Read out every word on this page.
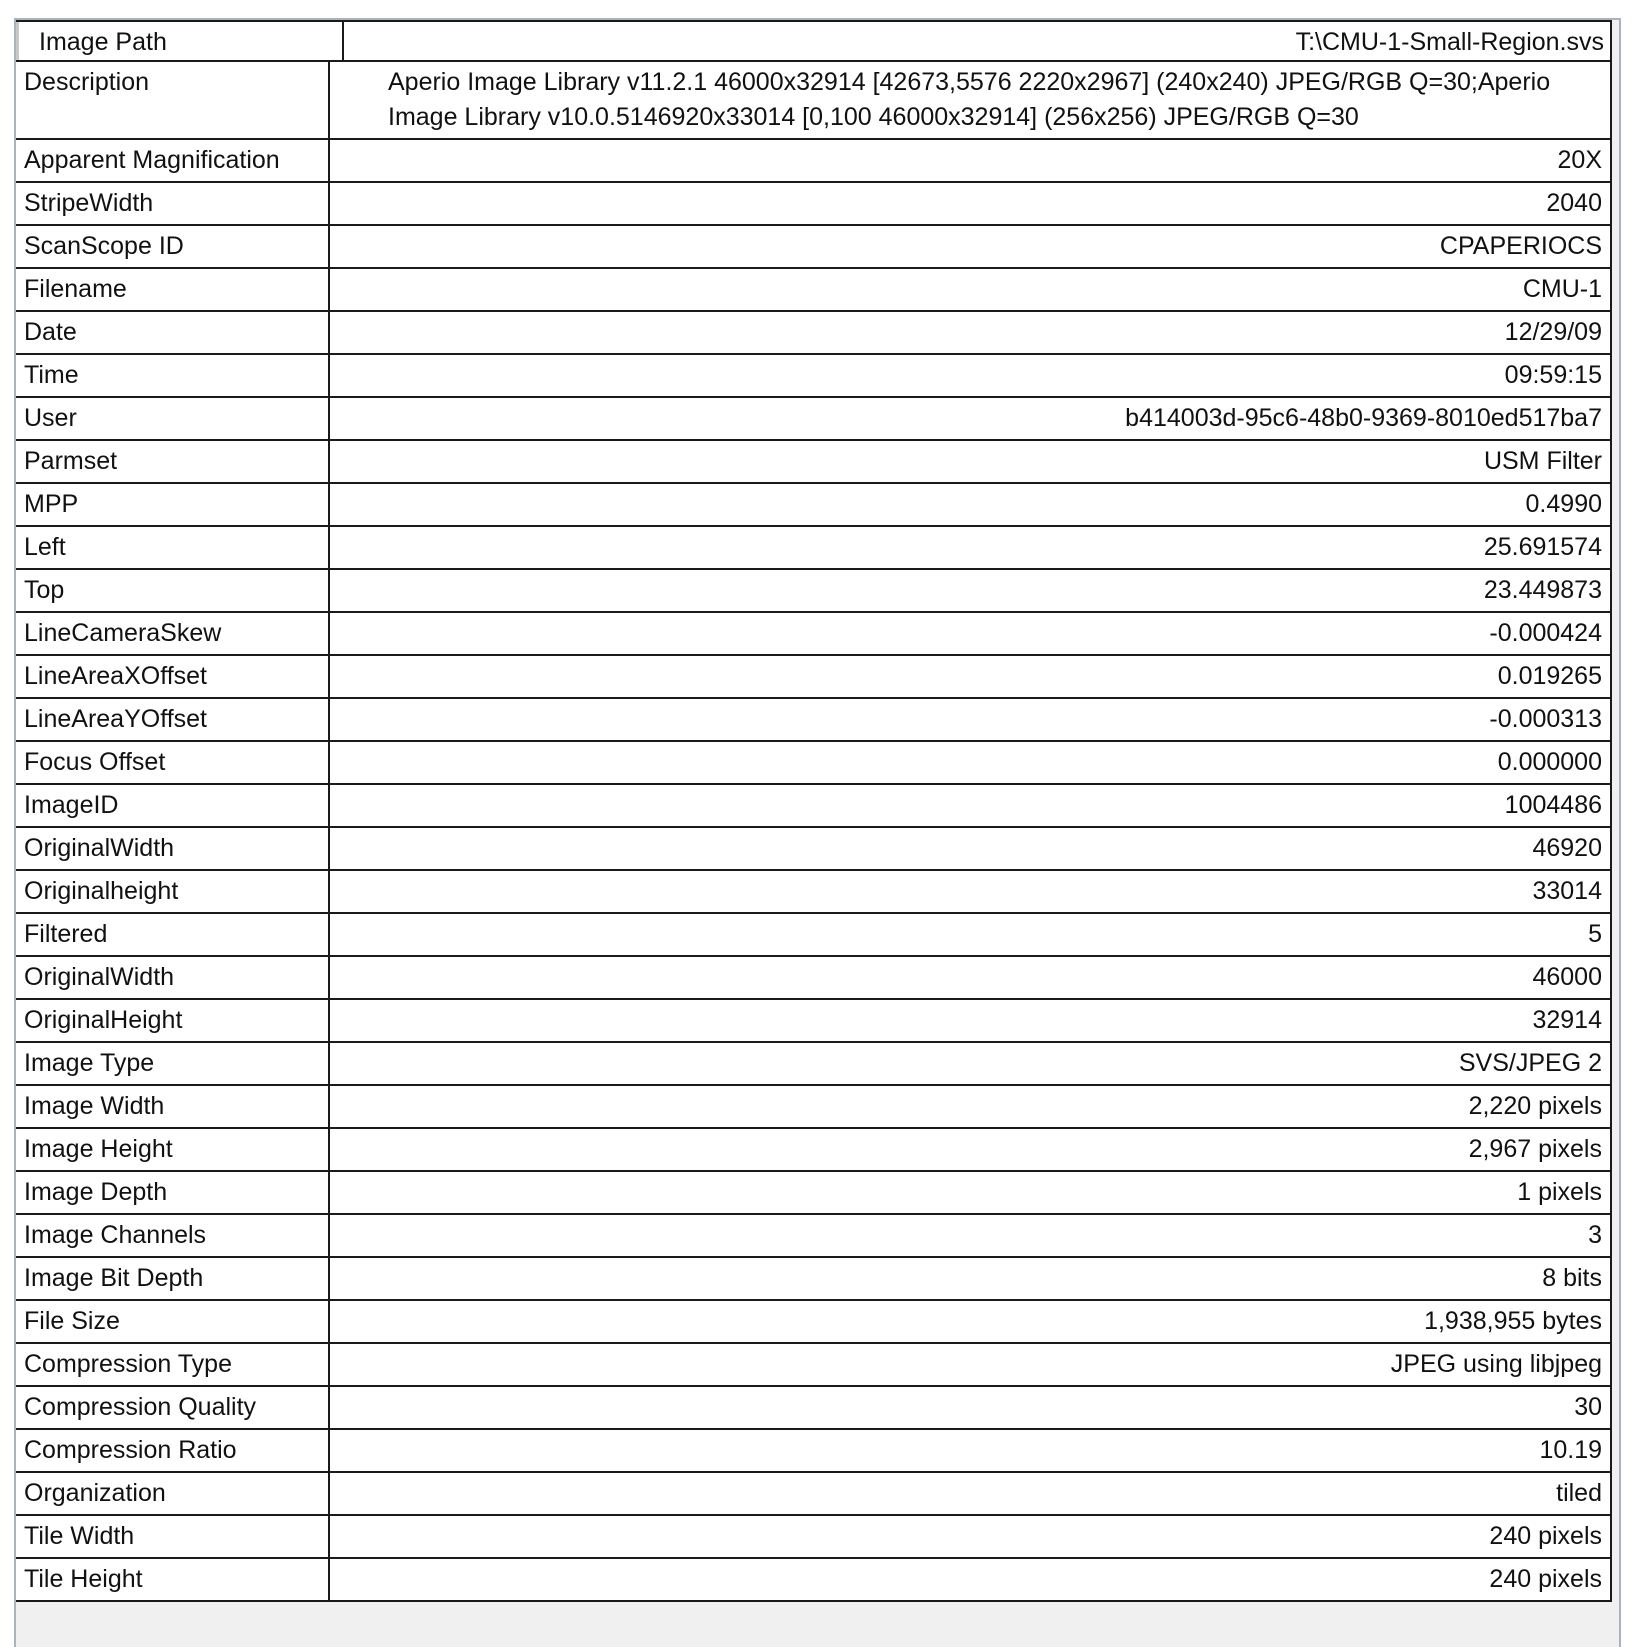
Image Path	T:\CMU-1-Small-Region.svs
Description	Aperio Image Library v11.2.1 46000x32914 [42673,5576 2220x2967] (240x240) JPEG/RGB Q=30;Aperio Image Library v10.0.5146920x33014 [0,100 46000x32914] (256x256) JPEG/RGB Q=30
Apparent Magnification	20X
StripeWidth	2040
ScanScope ID	CPAPERIOCS
Filename	CMU-1
Date	12/29/09
Time	09:59:15
User	b414003d-95c6-48b0-9369-8010ed517ba7
Parmset	USM Filter
MPP	0.4990
Left	25.691574
Top	23.449873
LineCameraSkew	-0.000424
LineAreaXOffset	0.019265
LineAreaYOffset	-0.000313
Focus Offset	0.000000
ImageID	1004486
OriginalWidth	46920
Originalheight	33014
Filtered	5
OriginalWidth	46000
OriginalHeight	32914
Image Type	SVS/JPEG 2
Image Width	2,220 pixels
Image Height	2,967 pixels
Image Depth	1 pixels
Image Channels	3
Image Bit Depth	8 bits
File Size	1,938,955 bytes
Compression Type	JPEG using libjpeg
Compression Quality	30
Compression Ratio	10.19
Organization	tiled
Tile Width	240 pixels
Tile Height	240 pixels
